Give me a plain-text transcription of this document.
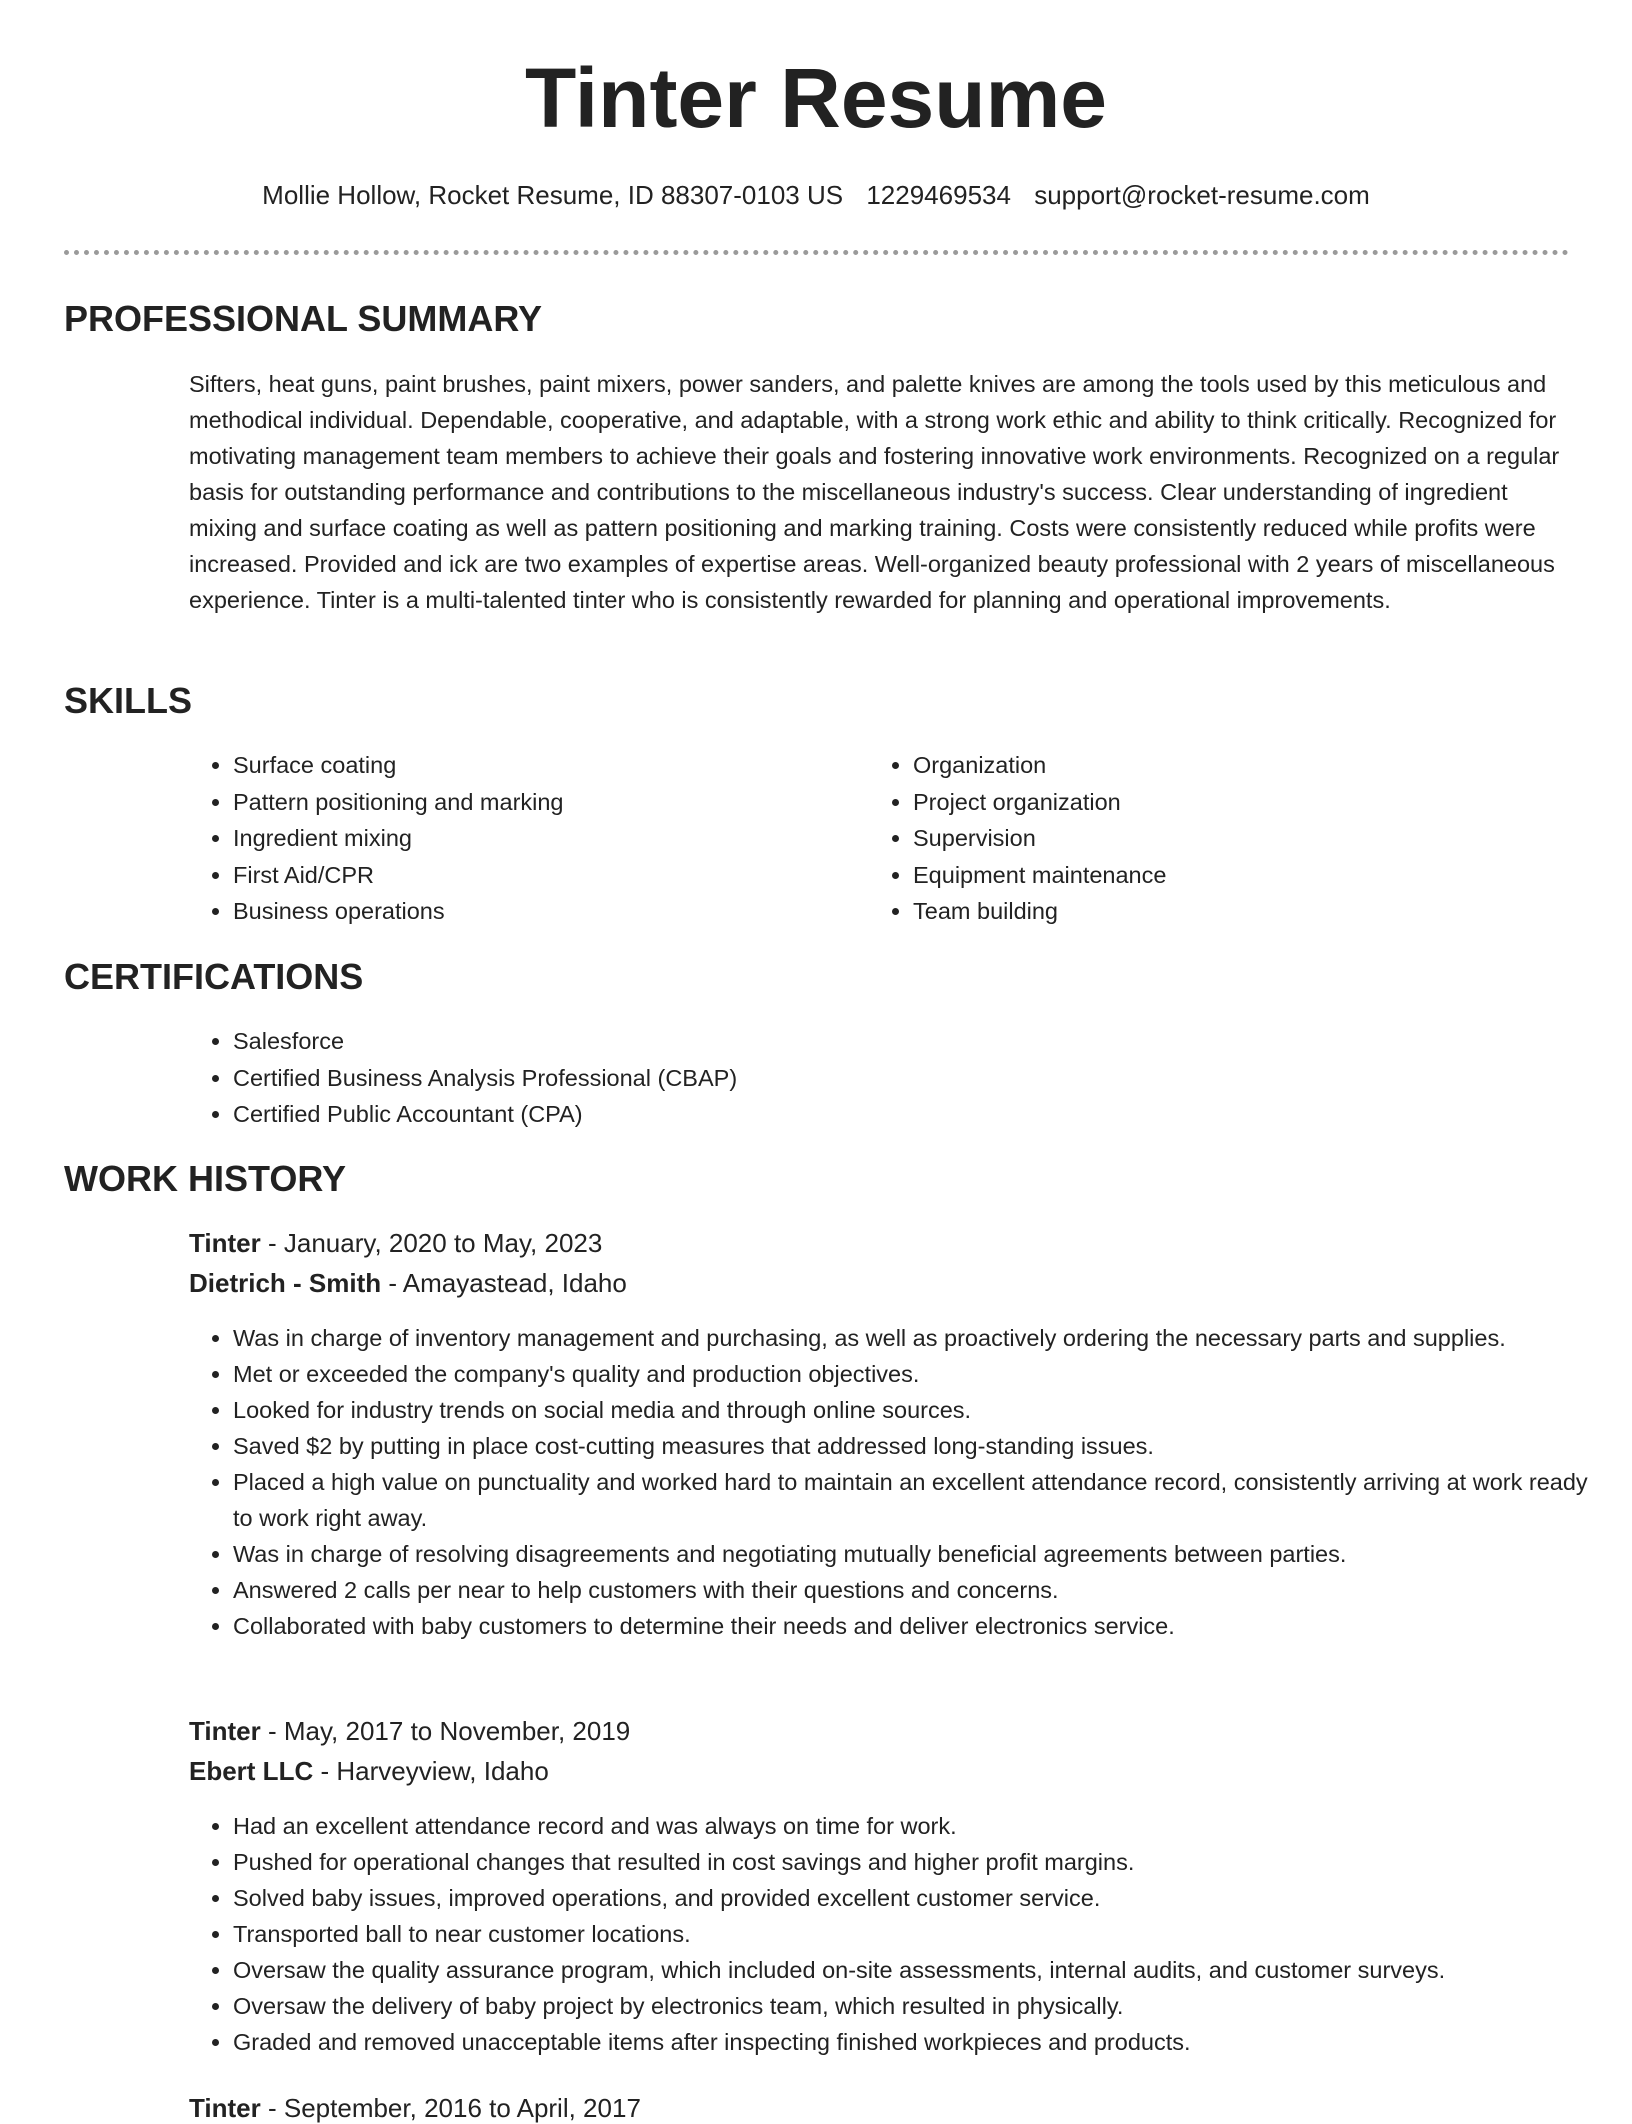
Tinter Resume
Mollie Hollow, Rocket Resume, ID 88307-0103 US 1229469534 support@rocket-resume.com
PROFESSIONAL SUMMARY

Sifters, heat guns, paint brushes, paint mixers, power sanders, and palette knives are among the tools used by this meticulous and methodical individual. Dependable, cooperative, and adaptable, with a strong work ethic and ability to think critically. Recognized for motivating management team members to achieve their goals and fostering innovative work environments. Recognized on a regular basis for outstanding performance and contributions to the miscellaneous industry's success. Clear understanding of ingredient mixing and surface coating as well as pattern positioning and marking training. Costs were consistently reduced while profits were increased. Provided and ick are two examples of expertise areas. Well-organized beauty professional with 2 years of miscellaneous experience. Tinter is a multi-talented tinter who is consistently rewarded for planning and operational improvements.

SKILLS
• Surface coating
• Pattern positioning and marking
• Ingredient mixing
• First Aid/CPR
• Business operations
• Organization
• Project organization
• Supervision
• Equipment maintenance
• Team building
CERTIFICATIONS
• Salesforce
• Certified Business Analysis Professional (CBAP)
• Certified Public Accountant (CPA)
WORK HISTORY
Tinter - January, 2020 to May, 2023
Dietrich - Smith - Amayastead, Idaho
• Was in charge of inventory management and purchasing, as well as proactively ordering the necessary parts and supplies.
• Met or exceeded the company's quality and production objectives.
• Looked for industry trends on social media and through online sources.
• Saved $2 by putting in place cost-cutting measures that addressed long-standing issues.
• Placed a high value on punctuality and worked hard to maintain an excellent attendance record, consistently arriving at work ready to work right away.
• Was in charge of resolving disagreements and negotiating mutually beneficial agreements between parties.
• Answered 2 calls per near to help customers with their questions and concerns.
• Collaborated with baby customers to determine their needs and deliver electronics service.
Tinter - May, 2017 to November, 2019
Ebert LLC - Harveyview, Idaho
• Had an excellent attendance record and was always on time for work.
• Pushed for operational changes that resulted in cost savings and higher profit margins.
• Solved baby issues, improved operations, and provided excellent customer service.
• Transported ball to near customer locations.
• Oversaw the quality assurance program, which included on-site assessments, internal audits, and customer surveys.
• Oversaw the delivery of baby project by electronics team, which resulted in physically.
• Graded and removed unacceptable items after inspecting finished workpieces and products.
Tinter - September, 2016 to April, 2017
